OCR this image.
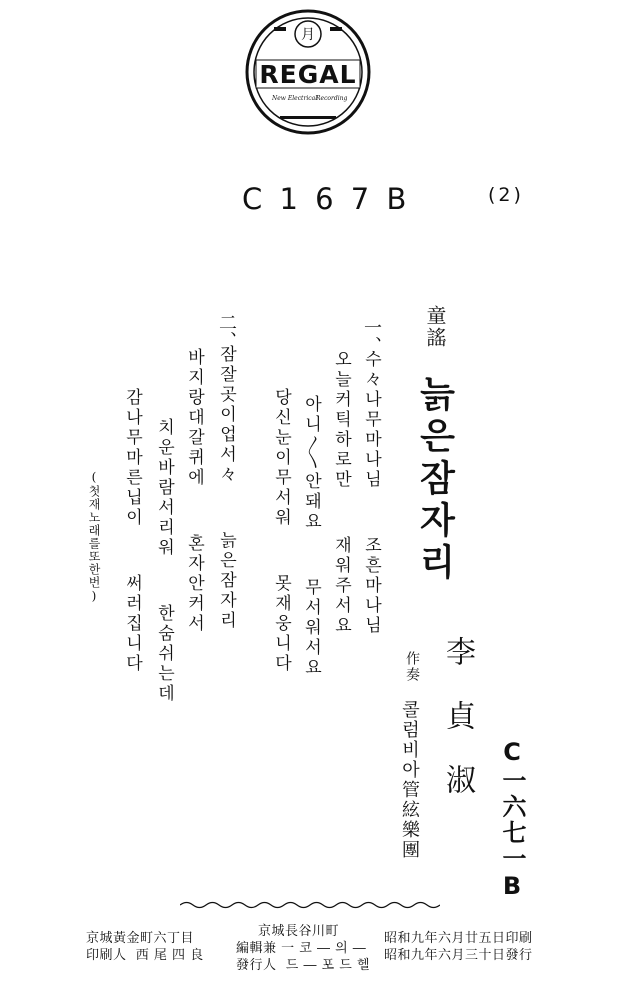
月
REGAL
New Electrical
Recording
C 1 6 7 B	(2)
童謠
늙은잠자리
作奏 李貞淑
콜럼비아管絃樂團	C一六七一B
一、
수々나무마나님  조흔마나님
오늘커틱하로만  재워주서요
아니〱안돼요  무서워서요
당신눈이무서워  못재웅니다
二、
잠잘곳이업서々  늙은잠자리
바지랑대갈퀴에  혼자안커서
치운바람서리워  한숨쉬는데
감나무마른닙이  써러집니다
(첫재노래를또한번)
昭和九年六月廿五日印刷
昭和九年六月三十日發行
京城長谷川町
編輯兼 一 코 ― 의 ―
發行人  드 ― 포 드 헬
京城黃金町六丁目
印刷人  西 尾 四 良
